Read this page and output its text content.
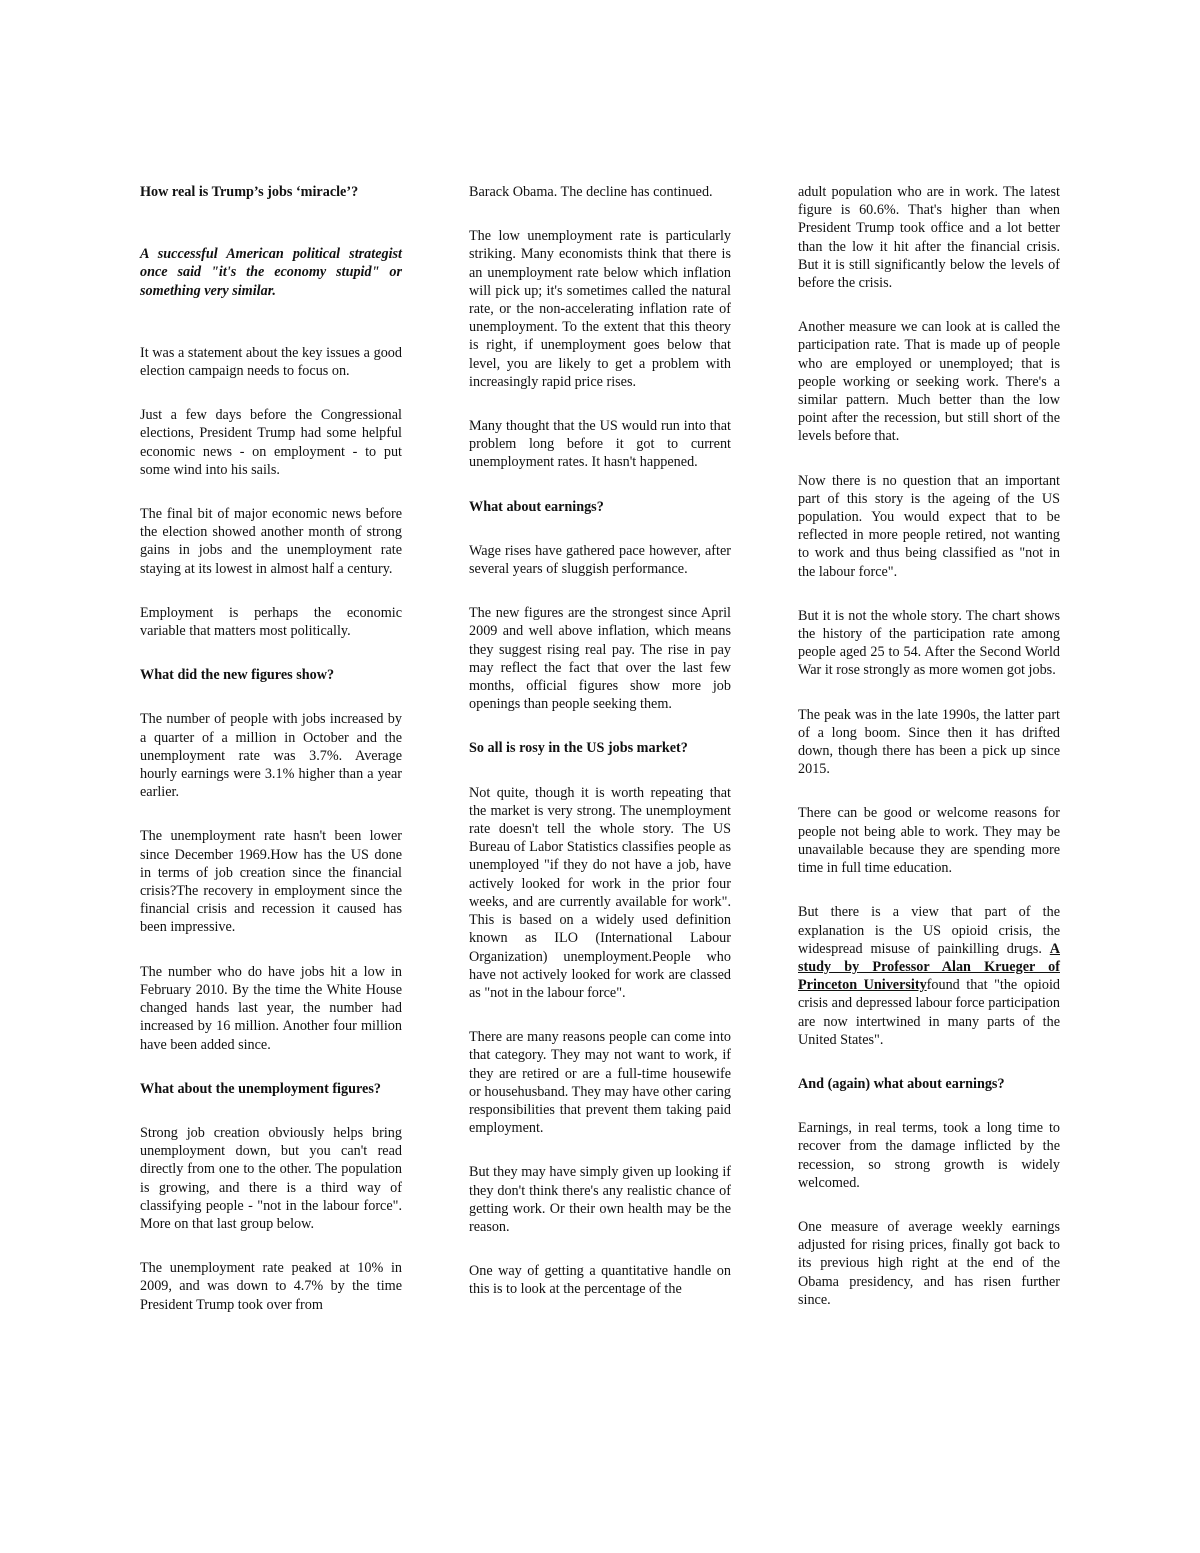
How real is Trump’s jobs ‘miracle’?

A successful American political strategist once said "it's the economy stupid" or something very similar.

It was a statement about the key issues a good election campaign needs to focus on.

Just a few days before the Congressional elections, President Trump had some helpful economic news - on employment - to put some wind into his sails.

The final bit of major economic news before the election showed another month of strong gains in jobs and the unemployment rate staying at its lowest in almost half a century.

Employment is perhaps the economic variable that matters most politically.

What did the new figures show?

The number of people with jobs increased by a quarter of a million in October and the unemployment rate was 3.7%. Average hourly earnings were 3.1% higher than a year earlier.

The unemployment rate hasn't been lower since December 1969.How has the US done in terms of job creation since the financial crisis?The recovery in employment since the financial crisis and recession it caused has been impressive.

The number who do have jobs hit a low in February 2010. By the time the White House changed hands last year, the number had increased by 16 million. Another four million have been added since.

What about the unemployment figures?

Strong job creation obviously helps bring unemployment down, but you can't read directly from one to the other. The population is growing, and there is a third way of classifying people - "not in the labour force". More on that last group below.

The unemployment rate peaked at 10% in 2009, and was down to 4.7% by the time President Trump took over from

Barack Obama. The decline has continued.

The low unemployment rate is particularly striking. Many economists think that there is an unemployment rate below which inflation will pick up; it's sometimes called the natural rate, or the non-accelerating inflation rate of unemployment. To the extent that this theory is right, if unemployment goes below that level, you are likely to get a problem with increasingly rapid price rises.

Many thought that the US would run into that problem long before it got to current unemployment rates. It hasn't happened.

What about earnings?

Wage rises have gathered pace however, after several years of sluggish performance.

The new figures are the strongest since April 2009 and well above inflation, which means they suggest rising real pay. The rise in pay may reflect the fact that over the last few months, official figures show more job openings than people seeking them.

So all is rosy in the US jobs market?

Not quite, though it is worth repeating that the market is very strong. The unemployment rate doesn't tell the whole story. The US Bureau of Labor Statistics classifies people as unemployed "if they do not have a job, have actively looked for work in the prior four weeks, and are currently available for work". This is based on a widely used definition known as ILO (International Labour Organization) unemployment.People who have not actively looked for work are classed as "not in the labour force".

There are many reasons people can come into that category. They may not want to work, if they are retired or are a full-time housewife or househusband. They may have other caring responsibilities that prevent them taking paid employment.

But they may have simply given up looking if they don't think there's any realistic chance of getting work. Or their own health may be the reason.

One way of getting a quantitative handle on this is to look at the percentage of the

adult population who are in work. The latest figure is 60.6%. That's higher than when President Trump took office and a lot better than the low it hit after the financial crisis. But it is still significantly below the levels of before the crisis.

Another measure we can look at is called the participation rate. That is made up of people who are employed or unemployed; that is people working or seeking work. There's a similar pattern. Much better than the low point after the recession, but still short of the levels before that.

Now there is no question that an important part of this story is the ageing of the US population. You would expect that to be reflected in more people retired, not wanting to work and thus being classified as "not in the labour force".

But it is not the whole story. The chart shows the history of the participation rate among people aged 25 to 54. After the Second World War it rose strongly as more women got jobs.

The peak was in the late 1990s, the latter part of a long boom. Since then it has drifted down, though there has been a pick up since 2015.

There can be good or welcome reasons for people not being able to work. They may be unavailable because they are spending more time in full time education.

But there is a view that part of the explanation is the US opioid crisis, the widespread misuse of painkilling drugs. A study by Professor Alan Krueger of Princeton Universityfound that "the opioid crisis and depressed labour force participation are now intertwined in many parts of the United States".

And (again) what about earnings?

Earnings, in real terms, took a long time to recover from the damage inflicted by the recession, so strong growth is widely welcomed.

One measure of average weekly earnings adjusted for rising prices, finally got back to its previous high right at the end of the Obama presidency, and has risen further since.
